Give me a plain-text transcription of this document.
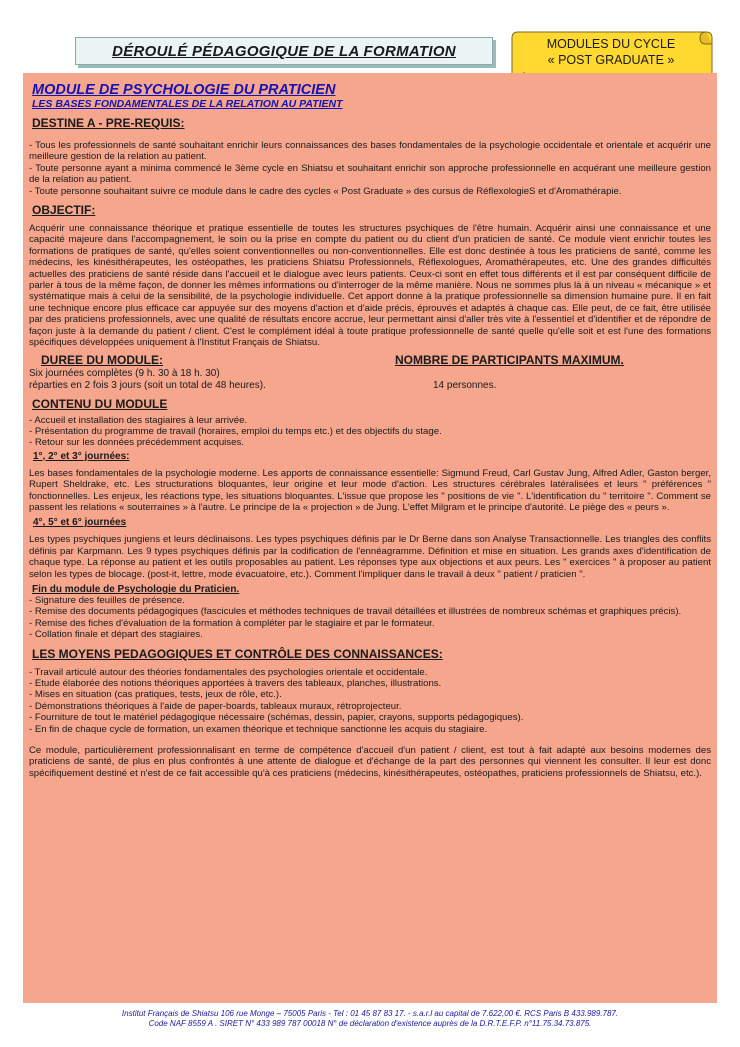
DÉROULÉ PÉDAGOGIQUE DE LA FORMATION	MODULES DU CYCLE
« POST GRADUATE »
MODULE DE PSYCHOLOGIE DU PRATICIEN
LES BASES FONDAMENTALES DE LA RELATION AU PATIENT
DESTINE A - PRE-REQUIS:
- Tous les professionnels de santé souhaitant enrichir leurs connaissances des bases fondamentales de la psychologie occidentale et orientale et acquérir une meilleure gestion de la relation au patient.
- Toute personne ayant a minima commencé le 3ème cycle en Shiatsu et souhaitant enrichir son approche professionnelle en acquérant une meilleure gestion de la relation au patient.
- Toute personne souhaitant suivre ce module dans le cadre des cycles « Post Graduate » des cursus de RéflexologieS et d'Aromathérapie.
OBJECTIF:
Acquérir une connaissance théorique et pratique essentielle de toutes les structures psychiques de l'être humain. Acquérir ainsi une connaissance et une capacité majeure dans l'accompagnement, le soin ou la prise en compte du patient ou du client d'un praticien de santé. Ce module vient enrichir toutes les formations de pratiques de santé, qu'elles soient conventionnelles ou non-conventionnelles. Elle est donc destinée à tous les praticiens de santé, comme les médecins, les kinésithérapeutes, les ostéopathes, les praticiens Shiatsu Professionnels, Réflexologues, Aromathérapeutes, etc. Une des grandes difficultés actuelles des praticiens de santé réside dans l'accueil et le dialogue avec leurs patients. Ceux-ci sont en effet tous différents et il est par conséquent difficile de parler à tous de la même façon, de donner les mêmes informations ou d'interroger de la même manière. Nous ne sommes plus là à un niveau « mécanique » et systématique mais à celui de la sensibilité, de la psychologie individuelle. Cet apport donne à la pratique professionnelle sa dimension humaine pure. Il en fait une technique encore plus efficace car appuyée sur des moyens d'action et d'aide précis, éprouvés et adaptés à chaque cas. Elle peut, de ce fait, être utilisée par des praticiens professionnels, avec une qualité de résultats encore accrue, leur permettant ainsi d'aller très vite à l'essentiel et d'identifier et de répondre de façon juste à la demande du patient / client. C'est le complément idéal à toute pratique professionnelle de santé quelle qu'elle soit et est l'une des formations spécifiques développées uniquement à l'Institut Français de Shiatsu.
DUREE DU MODULE:	NOMBRE DE PARTICIPANTS MAXIMUM.
Six journées complètes (9 h. 30 à 18 h. 30)
réparties en 2 fois 3 jours (soit un total de 48 heures).	14 personnes.
CONTENU DU MODULE
- Accueil et installation des stagiaires à leur arrivée.
- Présentation du programme de travail (horaires, emploi du temps etc.) et des objectifs du stage.
- Retour sur les données précédemment acquises.
1°, 2° et 3° journées:
Les bases fondamentales de la psychologie moderne. Les apports de connaissance essentielle: Sigmund Freud, Carl Gustav Jung, Alfred Adler, Gaston berger, Rupert Sheldrake, etc. Les structurations bloquantes, leur origine et leur mode d'action. Les structures cérébrales latéralisées et leurs " préférences " fonctionnelles. Les enjeux, les réactions type, les situations bloquantes. L'issue que propose les " positions de vie ". L'identification du " territoire ". Comment se passent les relations « souterraines » à l'autre. Le principe de la « projection » de Jung. L'effet Milgram et le principe d'autorité. Le piège des « peurs ».
4°, 5° et 6° journées
Les types psychiques jungiens et leurs déclinaisons. Les types psychiques définis par le Dr Berne dans son Analyse Transactionnelle. Les triangles des conflits définis par Karpmann. Les 9 types psychiques définis par la codification de l'ennéagramme. Définition et mise en situation. Les grands axes d'identification de chaque type. La réponse au patient et les outils proposables au patient. Les réponses type aux objections et aux peurs. Les " exercices " à proposer au patient selon les types de blocage. (post-it, lettre, mode évacuatoire, etc.). Comment l'impliquer dans le travail à deux " patient / praticien ".
Fin du module de Psychologie du Praticien.
- Signature des feuilles de présence.
- Remise des documents pédagogiques (fascicules et méthodes techniques de travail détaillées et illustrées de nombreux schémas et graphiques précis).
- Remise des fiches d'évaluation de la formation à compléter par le stagiaire et par le formateur.
- Collation finale et départ des stagiaires.
LES MOYENS PEDAGOGIQUES ET CONTRÔLE DES CONNAISSANCES:
- Travail articulé autour des théories fondamentales des psychologies orientale et occidentale.
- Etude élaborée des notions théoriques apportées à travers des tableaux, planches, illustrations.
- Mises en situation (cas pratiques, tests, jeux de rôle, etc.).
- Démonstrations théoriques à l'aide de paper-boards, tableaux muraux, rétroprojecteur.
- Fourniture de tout le matériel pédagogique nécessaire (schémas, dessin, papier, crayons, supports pédagogiques).
- En fin de chaque cycle de formation, un examen théorique et technique sanctionne les acquis du stagiaire.
Ce module, particulièrement professionnalisant en terme de compétence d'accueil d'un patient / client, est tout à fait adapté aux besoins modernes des praticiens de santé, de plus en plus confrontés à une attente de dialogue et d'échange de la part des personnes qui viennent les consulter. Il leur est donc spécifiquement destiné et n'est de ce fait accessible qu'à ces praticiens (médecins, kinésithérapeutes, ostéopathes, praticiens professionnels de Shiatsu, etc.).
Institut Français de Shiatsu 106 rue Monge – 75005 Paris - Tel : 01 45 87 83 17. - s.a.r.l au capital de 7.622,00 €. RCS Paris B 433.989.787.
Code NAF 8559 A . SIRET N° 433 989 787 00018 N° de déclaration d'existence auprès de la D.R.T.E.F.P. n°11.75.34.73.875.
